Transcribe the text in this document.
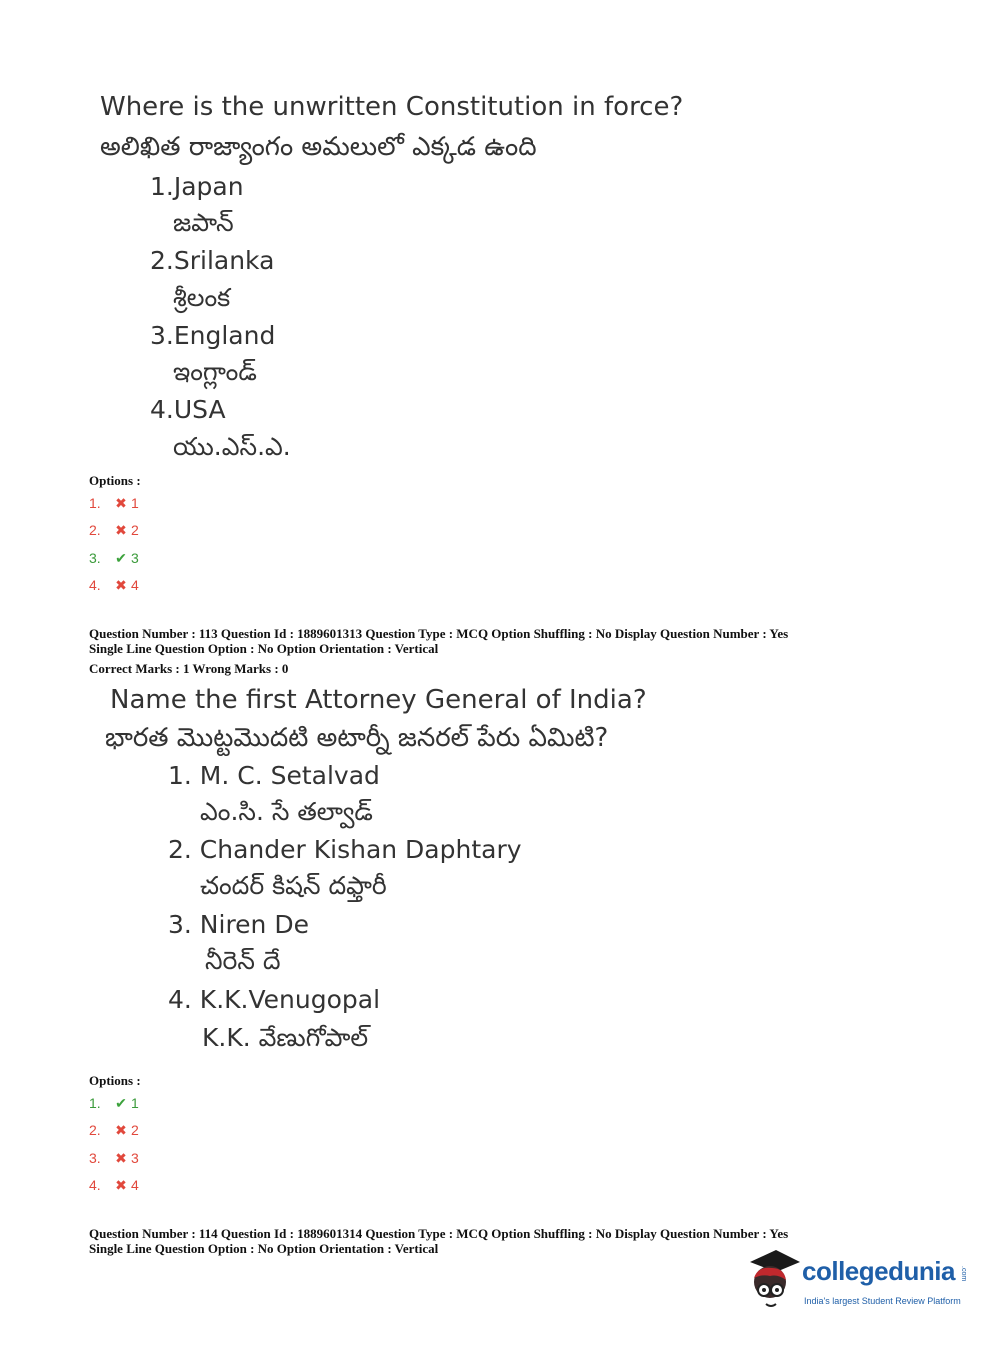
Where is the unwritten Constitution in force?
అలిఖిత రాజ్యాంగం అమలులో ఎక్కడ ఉంది
1.Japan
జపాన్
2.Srilanka
శ్రీలంక
3.England
ఇంగ్లాండ్
4.USA
యు.ఎస్.ఎ.
Options :
1.	✖ 1
2.	✖ 2
3.	✔ 3
4.	✖ 4
Question Number : 113 Question Id : 1889601313 Question Type : MCQ Option Shuffling : No Display Question Number : Yes
Single Line Question Option : No Option Orientation : Vertical
Correct Marks : 1 Wrong Marks : 0
Name the first Attorney General of India?
భారత మొట్టమొదటి అటార్నీ జనరల్ పేరు ఏమిటి?
1. M. C. Setalvad
ఎం.సి. సే తల్వాడ్
2. Chander Kishan Daphtary
చందర్ కిషన్ దఫ్తారీ
3. Niren De
నీరెన్ దే
4. K.K.Venugopal
K.K. వేణుగోపాల్
Options :
1.	✔ 1
2.	✖ 2
3.	✖ 3
4.	✖ 4
Question Number : 114 Question Id : 1889601314 Question Type : MCQ Option Shuffling : No Display Question Number : Yes
Single Line Question Option : No Option Orientation : Vertical
collegedunia .com
India's largest Student Review Platform
